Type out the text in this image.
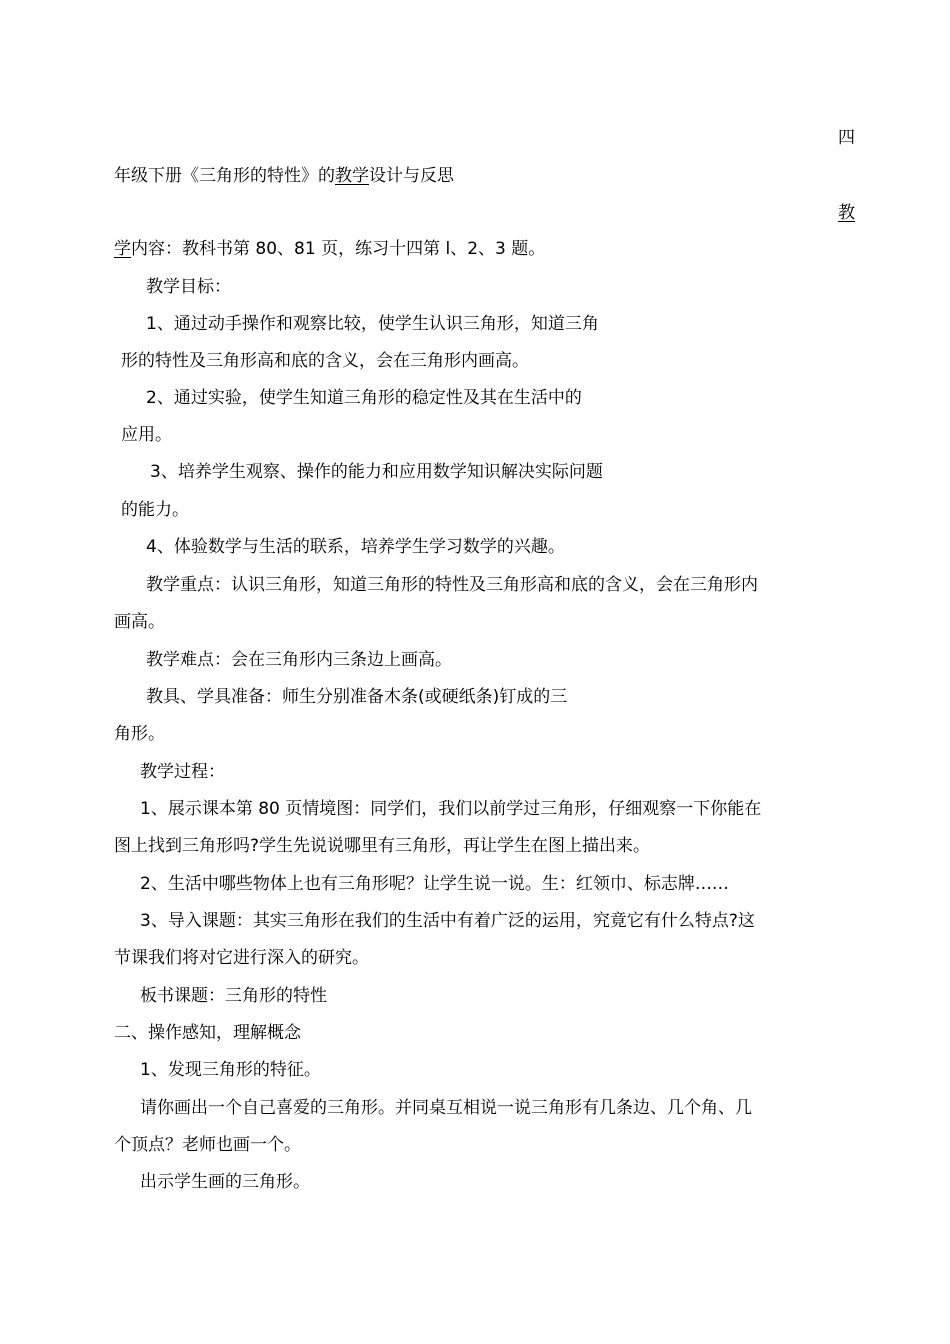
四
年级下册《三角形的特性》的教学设计与反思
教
学内容：教科书第 80、81 页，练习十四第 l、2、3 题。
教学目标：
1、通过动手操作和观察比较，使学生认识三角形，知道三角
形的特性及三角形高和底的含义，会在三角形内画高。
2、通过实验，使学生知道三角形的稳定性及其在生活中的
应用。
3、培养学生观察、操作的能力和应用数学知识解决实际问题
的能力。
4、体验数学与生活的联系，培养学生学习数学的兴趣。
教学重点：认识三角形，知道三角形的特性及三角形高和底的含义，会在三角形内
画高。
教学难点：会在三角形内三条边上画高。
教具、学具准备：师生分别准备木条(或硬纸条)钉成的三
角形。
教学过程：
1、展示课本第 80 页情境图：同学们，我们以前学过三角形，仔细观察一下你能在
图上找到三角形吗?学生先说说哪里有三角形，再让学生在图上描出来。
2、生活中哪些物体上也有三角形呢？让学生说一说。生：红领巾、标志牌……
3、导入课题：其实三角形在我们的生活中有着广泛的运用，究竟它有什么特点?这
节课我们将对它进行深入的研究。
板书课题：三角形的特性
二、操作感知，理解概念
1、发现三角形的特征。
请你画出一个自己喜爱的三角形。并同桌互相说一说三角形有几条边、几个角、几
个顶点？老师也画一个。
出示学生画的三角形。
